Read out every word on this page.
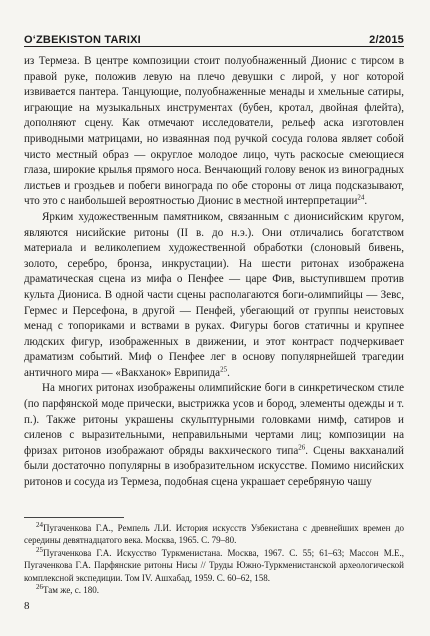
O‘ZBEKISTON TARIXI	2/2015

из Термеза. В центре композиции стоит полуобнаженный Дионис с тирсом в правой руке, положив левую на плечо девушки с лирой, у ног которой извивается пантера. Танцующие, полуобнаженные менады и хмельные сатиры, играющие на музыкальных инструментах (бубен, кротал, двойная флейта), дополняют сцену. Как отмечают исследователи, рельеф аска изготовлен приводными матрицами, но изваянная под ручкой сосуда голова являет собой чисто местный образ — округлое молодое лицо, чуть раскосые смеющиеся глаза, широкие крылья прямого носа. Венчающий голову венок из виноградных листьев и гроздьев и побеги винограда по обе стороны от лица подсказывают, что это с наибольшей вероятностью Дионис в местной интерпретации$^{24}$.

Ярким художественным памятником, связанным с дионисийским кругом, являются нисийские ритоны (II в. до н.э.). Они отличались богатством материала и великолепием художественной обработки (слоновый бивень, золото, серебро, бронза, инкрустации). На шести ритонах изображена драматическая сцена из мифа о Пенфее — царе Фив, выступившем против культа Диониса. В одной части сцены располагаются боги-олимпийцы — Зевс, Гермес и Персефона, в другой — Пенфей, убегающий от группы неистовых менад с топориками и вствами в руках. Фигуры богов статичны и крупнее людских фигур, изображенных в движении, и этот контраст подчеркивает драматизм событий. Миф о Пенфее лег в основу популярнейшей трагедии античного мира — «Вакханок» Еврипида$^{25}$.

На многих ритонах изображены олимпийские боги в синкретическом стиле (по парфянской моде прически, выстрижка усов и бород, элементы одежды и т. п.). Также ритоны украшены скульптурными головками нимф, сатиров и силенов с выразительными, неправильными чертами лиц; композиции на фризах ритонов изображают обряды вакхического типа$^{26}$. Сцены вакханалий были достаточно популярны в изобразительном искусстве. Помимо нисийских ритонов и сосуда из Термеза, подобная сцена украшает серебряную чашу

$^{24}$Пугаченкова Г.А., Ремпель Л.И. История искусств Узбекистана с древнейших времен до середины девятнадцатого века. Москва, 1965. С. 79–80.

$^{25}$Пугаченкова Г.А. Искусство Туркменистана. Москва, 1967. С. 55; 61–63; Массон М.Е., Пугаченкова Г.А. Парфянские ритоны Нисы // Труды Южно-Туркменистанской археологической комплексной экспедиции. Том IV. Ашхабад, 1959. С. 60–62, 158.

$^{26}$Там же, с. 180.

8
